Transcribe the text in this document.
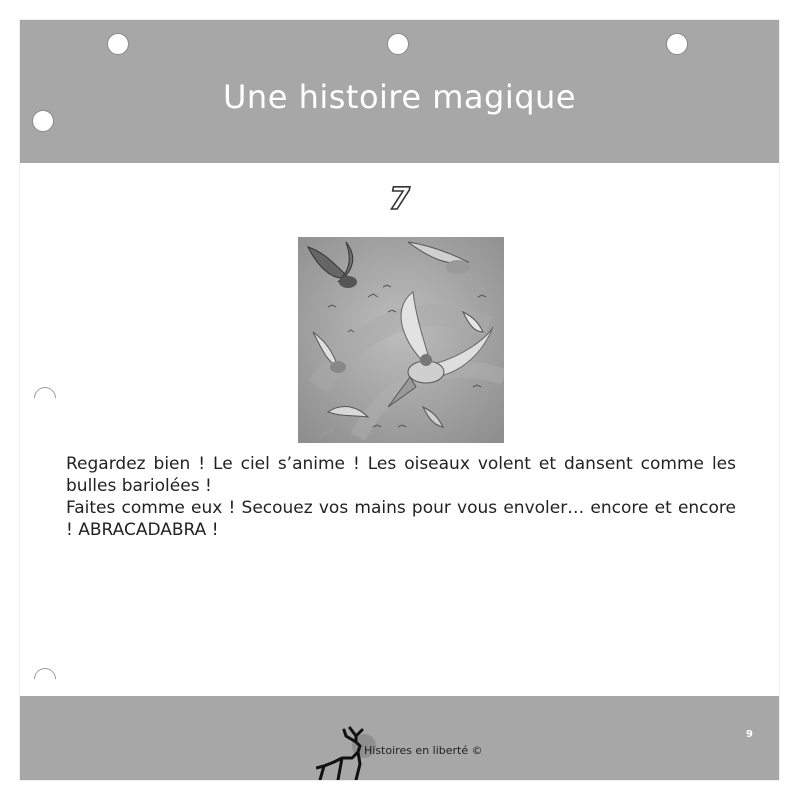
Une histoire magique
7

Regardez bien ! Le ciel s’anime ! Les oiseaux volent et dansent comme les bulles bariolées !

Faites comme eux ! Secouez vos mains pour vous envoler… encore et encore ! ABRACADABRA !

9
Histoires en liberté ©
